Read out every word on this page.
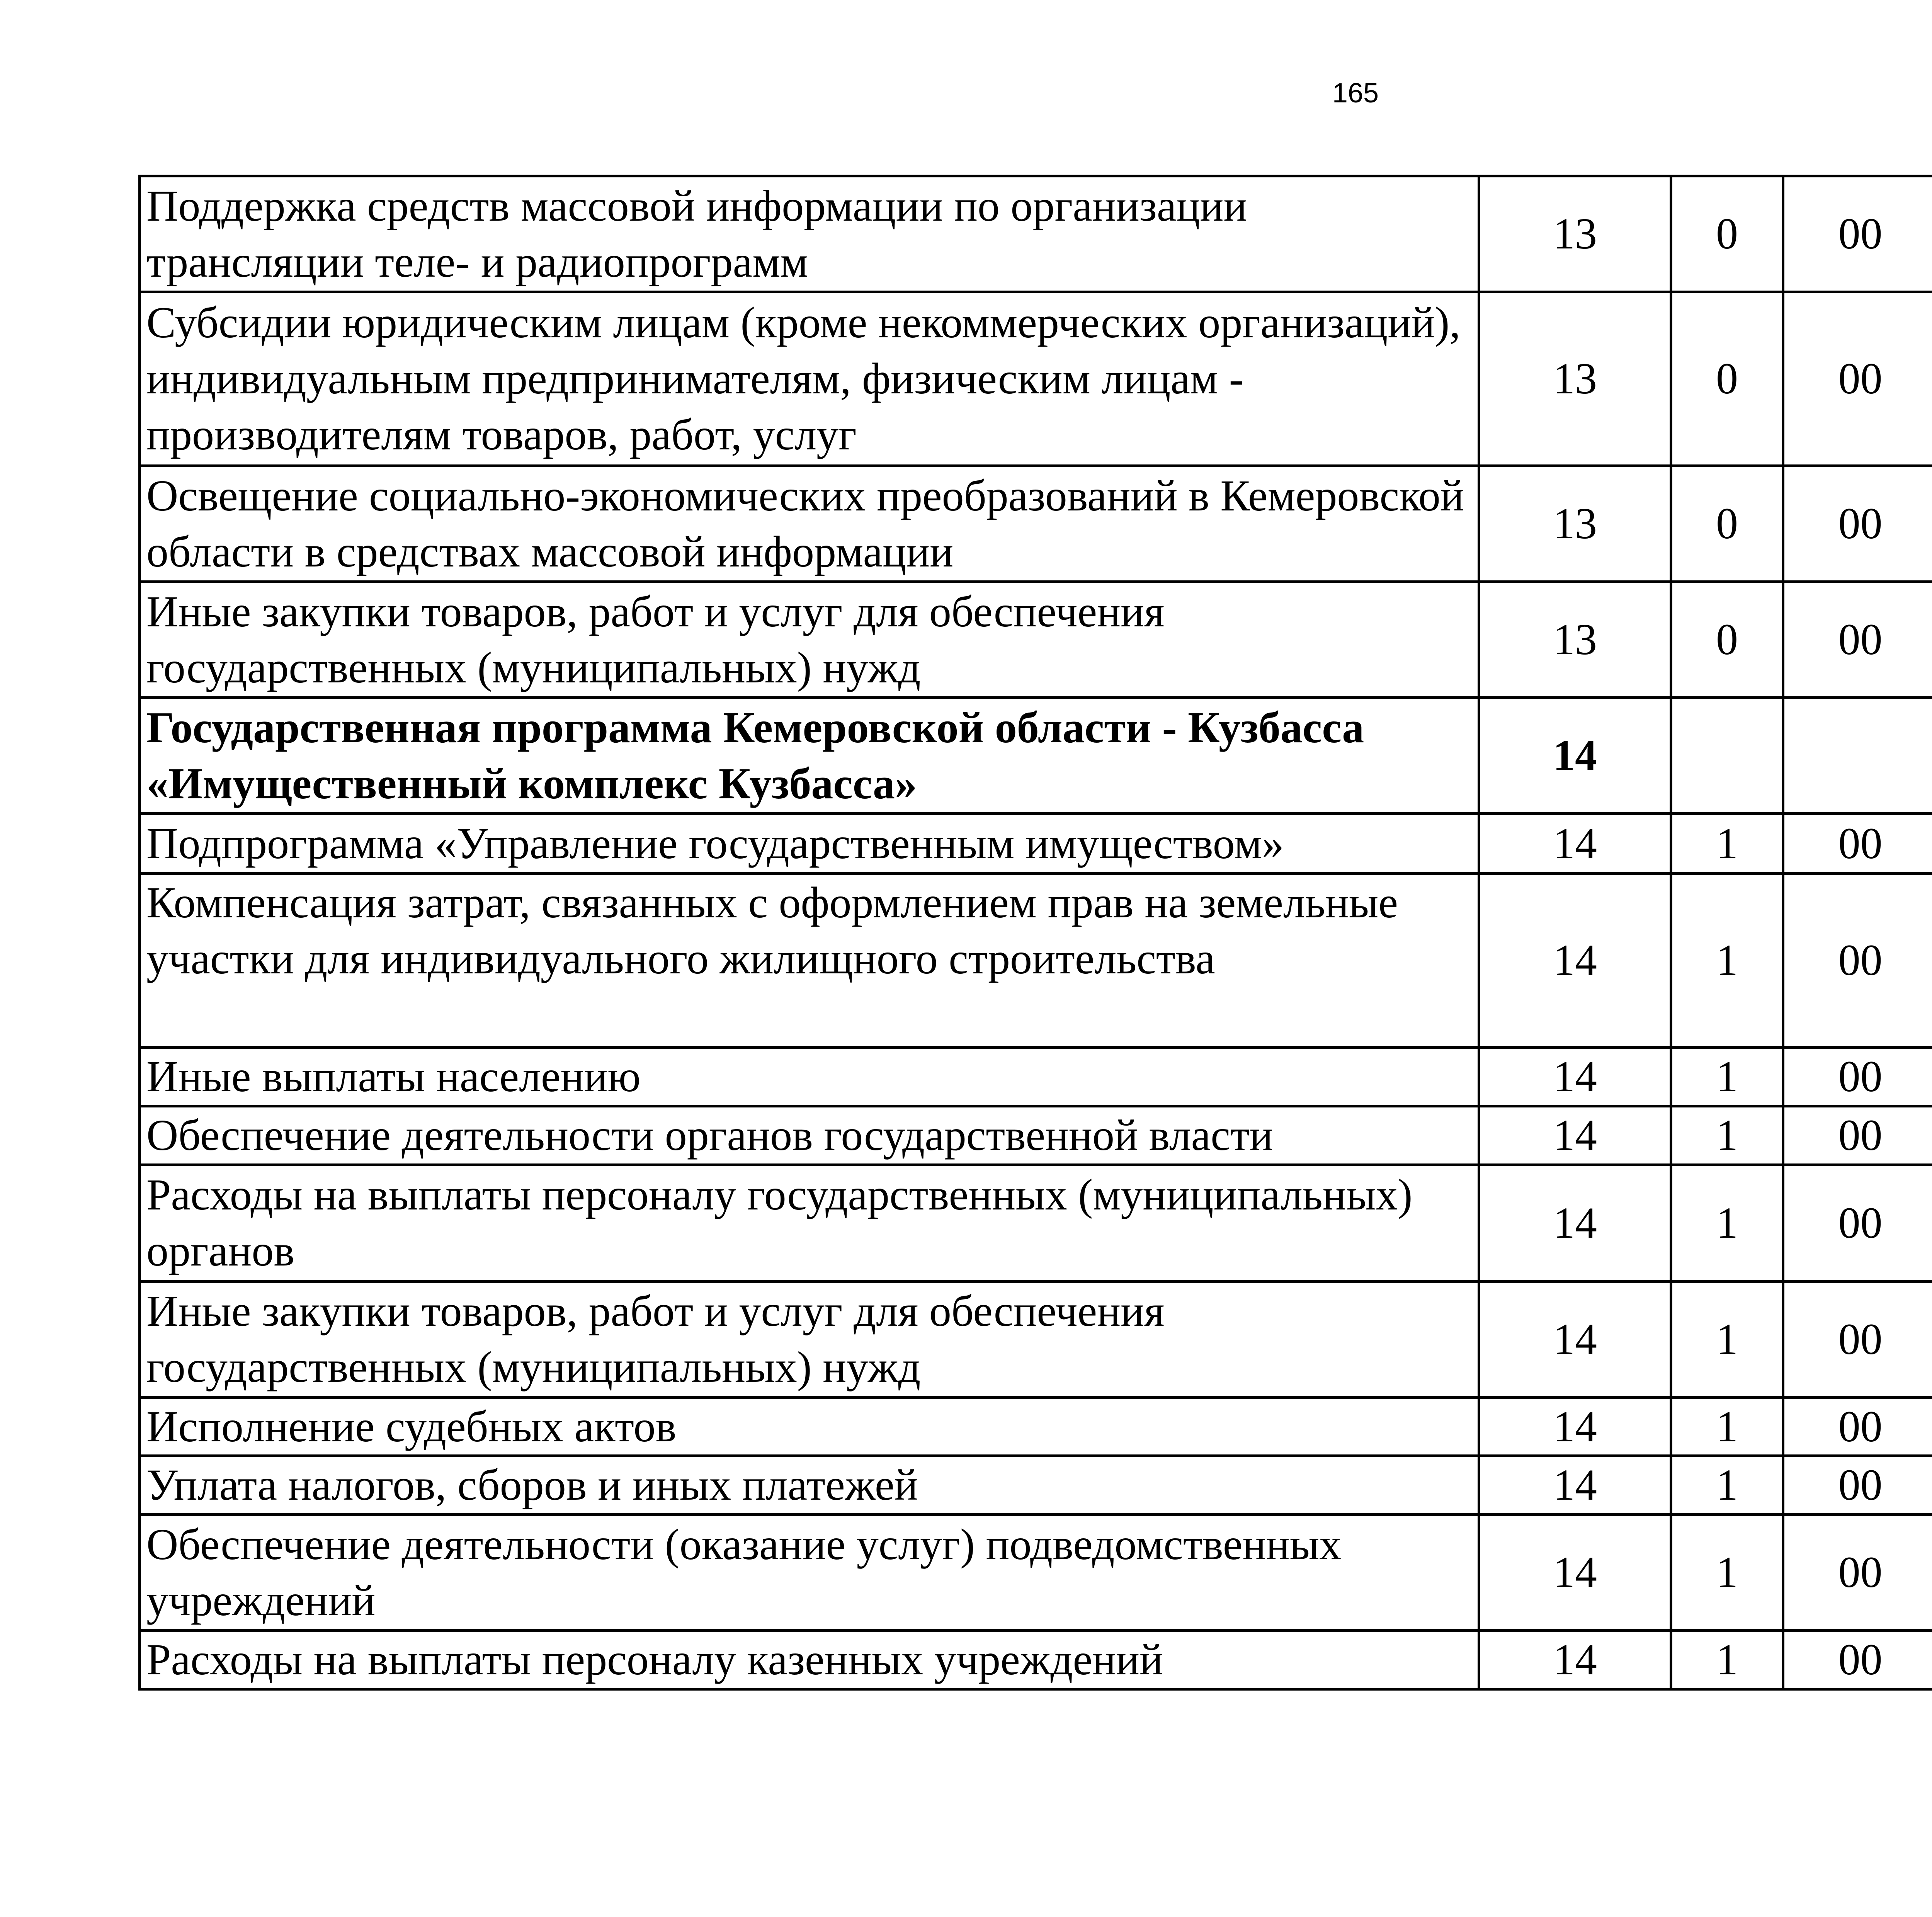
165
Поддержка средств массовой информации по организации трансляции теле- и радиопрограмм	13	0	00			
Субсидии юридическим лицам (кроме некоммерческих организаций), индивидуальным предпринимателям, физическим лицам - производителям товаров, работ, услуг	13	0	00			
Освещение социально-экономических преобразований в Кемеровской области в средствах массовой информации	13	0	00			
Иные закупки товаров, работ и услуг для обеспечения государственных (муниципальных) нужд	13	0	00			
Государственная программа Кемеровской области - Кузбасса «Имущественный комплекс Кузбасса»	14					
Подпрограмма «Управление государственным имуществом»	14	1	00			
Компенсация затрат, связанных с оформлением прав на земельные участки для индивидуального жилищного строительства	14	1	00			
Иные выплаты населению	14	1	00			
Обеспечение деятельности органов государственной власти	14	1	00			
Расходы на выплаты персоналу государственных (муниципальных) органов	14	1	00			
Иные закупки товаров, работ и услуг для обеспечения государственных (муниципальных) нужд	14	1	00			
Исполнение судебных актов	14	1	00			
Уплата налогов, сборов и иных платежей	14	1	00			
Обеспечение деятельности (оказание услуг) подведомственных учреждений	14	1	00			
Расходы на выплаты персоналу казенных учреждений	14	1	00			
